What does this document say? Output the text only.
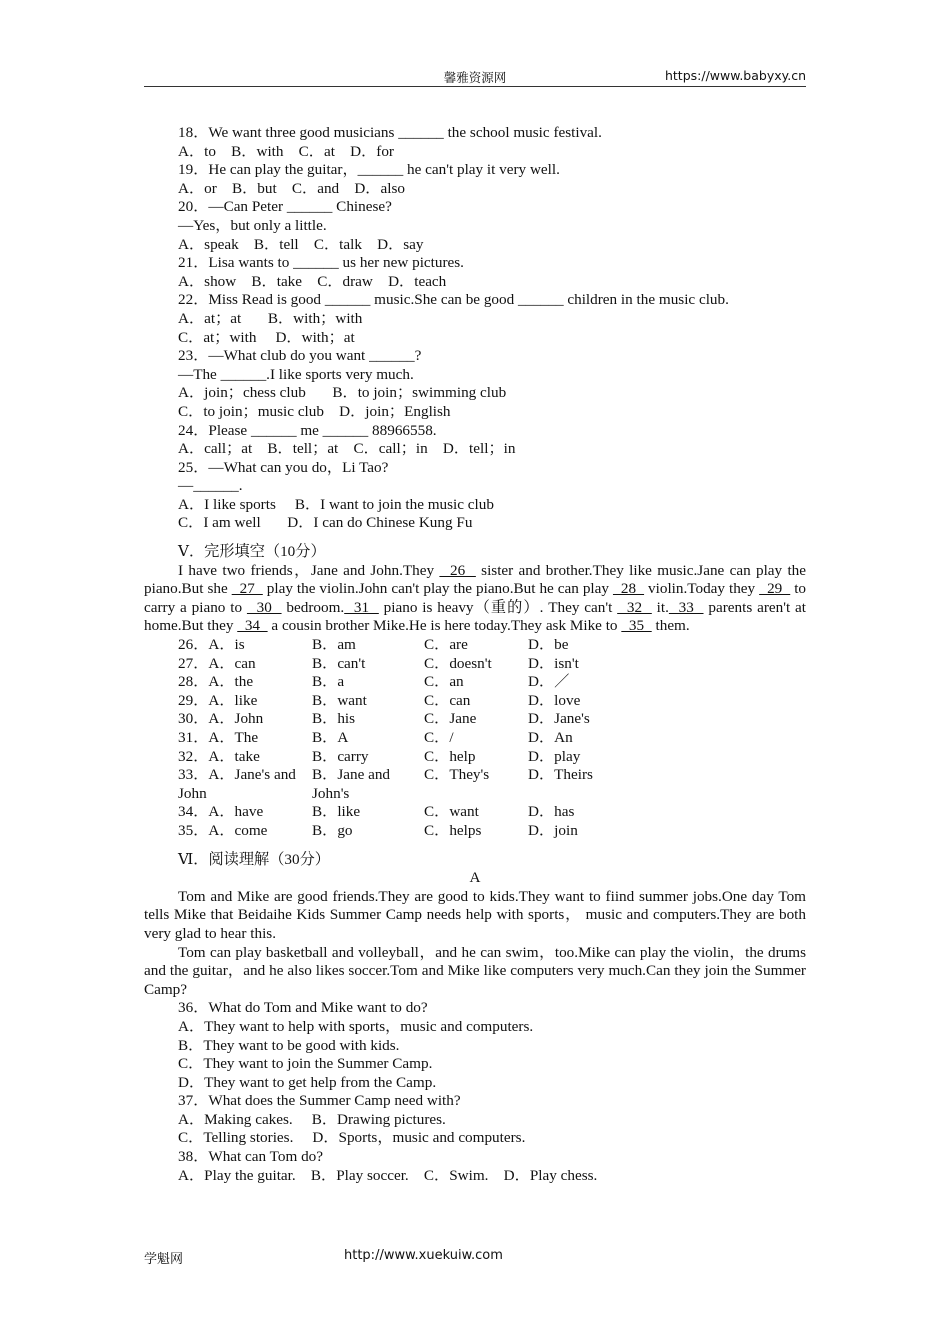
馨雅资源网	https://www.babyxy.cn
18．We want three good musicians ______ the school music festival.
A．to    B．with    C．at    D．for
19．He can play the guitar，______ he can't play it very well.
A．or    B．but    C．and    D．also
20．—Can Peter ______ Chinese?
—Yes，but only a little.
A．speak    B．tell    C．talk    D．say
21．Lisa wants to ______ us her new pictures.
A．show    B．take    C．draw    D．teach
22．Miss Read is good ______ music.She can be good ______ children in the music club.
A．at；at       B．with；with
C．at；with     D．with；at
23．—What club do you want ______?
—The ______.I like sports very much.
A．join；chess club       B．to join；swimming club
C．to join；music club    D．join；English
24．Please ______ me ______ 88966558.
A．call；at    B．tell；at    C．call；in    D．tell；in
25．—What can you do，Li Tao?
—______.
A．I like sports     B．I want to join the music club
C．I am well       D．I can do Chinese Kung Fu
Ⅴ．完形填空（10分）
I have two friends，Jane and John.They   26   sister and brother.They like music.Jane can play the piano.But she   27   play the violin.John can't play the piano.But he can play   28   violin.Today they   29   to carry a piano to   30   bedroom.  31   piano is heavy（重的）. They can't   32   it.  33   parents aren't at home.But they   34   a cousin brother Mike.He is here today.They ask Mike to   35   them.
26．A．is	B．am	C．are	D．be
27．A．can	B．can't	C．doesn't	D．isn't
28．A．the	B．a	C．an	D．／
29．A．like	B．want	C．can	D．love
30．A．John	B．his	C．Jane	D．Jane's
31．A．The	B．A	C．/	D．An
32．A．take	B．carry	C．help	D．play
33．A．Jane's and John
B．Jane and John's
C．They's	D．Theirs
34．A．have	B．like	C．want	D．has
35．A．come	B．go	C．helps	D．join
Ⅵ．阅读理解（30分）
A
Tom and Mike are good friends.They are good to kids.They want to fiind summer jobs.One day Tom tells Mike that Beidaihe Kids Summer Camp needs help with sports， music and computers.They are both very glad to hear this.
Tom can play basketball and volleyball，and he can swim，too.Mike can play the violin，the drums and the guitar，and he also likes soccer.Tom and Mike like computers very much.Can they join the Summer Camp?
36．What do Tom and Mike want to do?
A．They want to help with sports，music and computers.
B．They want to be good with kids.
C．They want to join the Summer Camp.
D．They want to get help from the Camp.
37．What does the Summer Camp need with?
A．Making cakes.     B．Drawing pictures.
C．Telling stories.     D．Sports，music and computers.
38．What can Tom do?
A．Play the guitar.    B．Play soccer.    C．Swim.    D．Play chess.
学魁网	http://www.xuekuiw.com
